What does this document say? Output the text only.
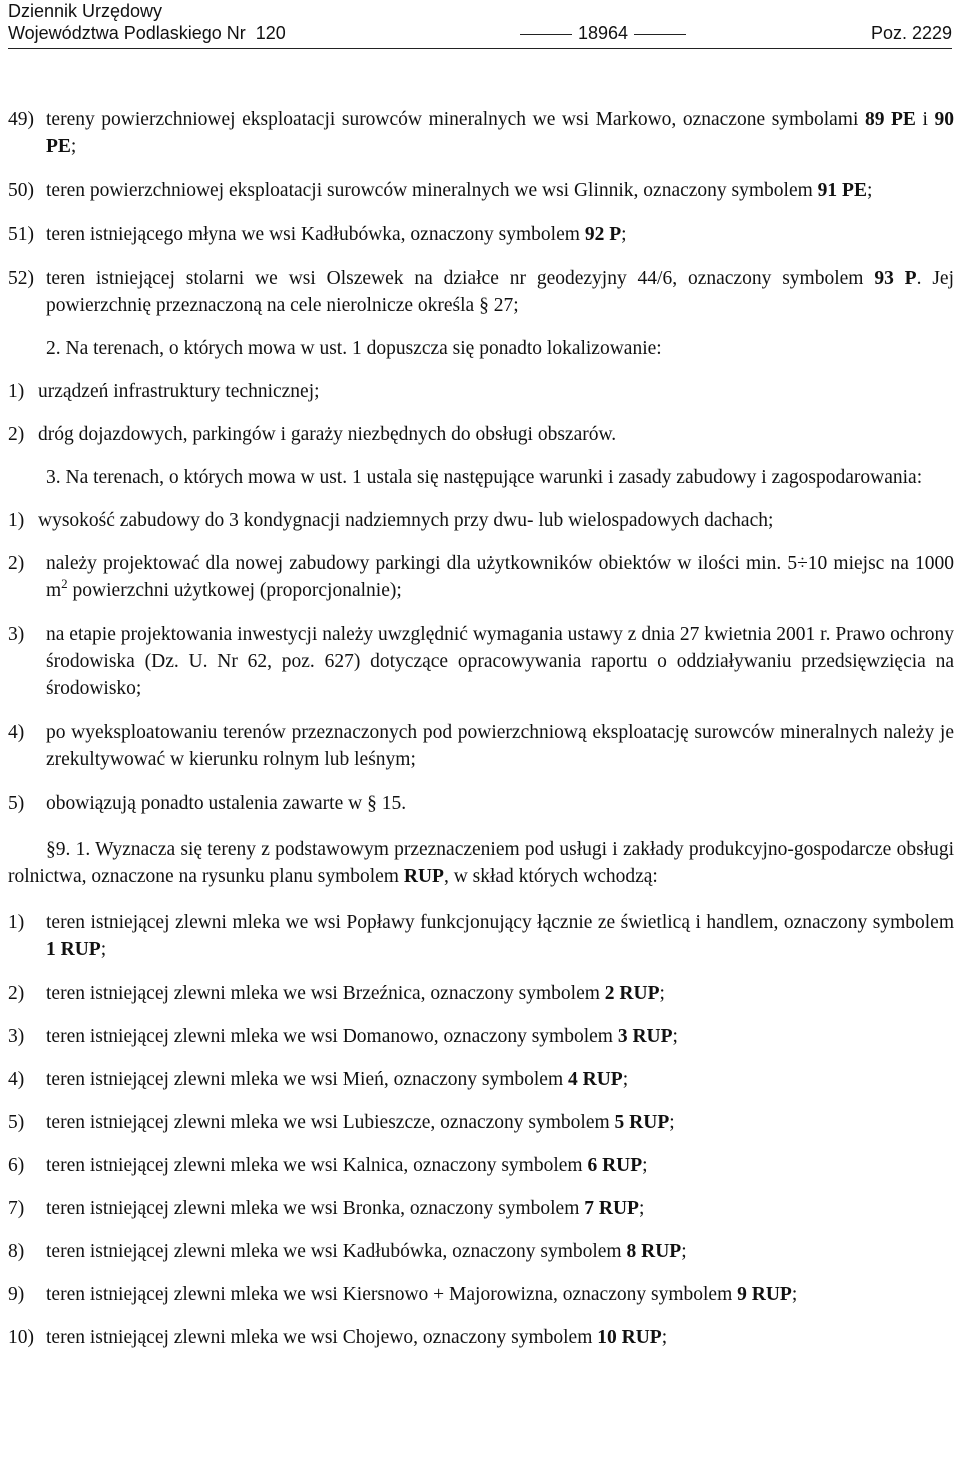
Dziennik Urzędowy
Województwa Podlaskiego Nr  120	18964	Poz. 2229
49) tereny powierzchniowej eksploatacji surowców mineralnych we wsi Markowo, oznaczone symbolami 89 PE i 90 PE;
50) teren powierzchniowej eksploatacji surowców mineralnych we wsi Glinnik, oznaczony symbolem 91 PE;
51) teren istniejącego młyna we wsi Kadłubówka, oznaczony symbolem 92 P;
52) teren istniejącej stolarni we wsi Olszewek na działce nr geodezyjny 44/6, oznaczony symbolem 93 P. Jej powierzchnię przeznaczoną na cele nierolnicze określa § 27;
2. Na terenach, o których mowa w ust. 1 dopuszcza się ponadto lokalizowanie:
1) urządzeń infrastruktury technicznej;
2) dróg dojazdowych, parkingów i garaży niezbędnych do obsługi obszarów.
3. Na terenach, o których mowa w ust. 1 ustala się następujące warunki i zasady zabudowy i zagospodarowania:
1) wysokość zabudowy do 3 kondygnacji nadziemnych przy dwu- lub wielospadowych dachach;
2) należy projektować dla nowej zabudowy parkingi dla użytkowników obiektów w ilości min. 5÷10 miejsc na 1000 $m^2$ powierzchni użytkowej (proporcjonalnie);
3) na etapie projektowania inwestycji należy uwzględnić wymagania ustawy z dnia 27 kwietnia 2001 r. Prawo ochrony środowiska (Dz. U. Nr 62, poz. 627) dotyczące opracowywania raportu o oddziaływaniu przedsięwzięcia na środowisko;
4) po wyeksploatowaniu terenów przeznaczonych pod powierzchniową eksploatację surowców mineralnych należy je zrekultywować w kierunku rolnym lub leśnym;
5) obowiązują ponadto ustalenia zawarte w § 15.
§9. 1. Wyznacza się tereny z podstawowym przeznaczeniem pod usługi i zakłady produkcyjno-gospodarcze obsługi rolnictwa, oznaczone na rysunku planu symbolem RUP, w skład których wchodzą:
1) teren istniejącej zlewni mleka we wsi Popławy funkcjonujący łącznie ze świetlicą i handlem, oznaczony symbolem 1 RUP;
2) teren istniejącej zlewni mleka we wsi Brzeźnica, oznaczony symbolem 2 RUP;
3) teren istniejącej zlewni mleka we wsi Domanowo, oznaczony symbolem 3 RUP;
4) teren istniejącej zlewni mleka we wsi Mień, oznaczony symbolem 4 RUP;
5) teren istniejącej zlewni mleka we wsi Lubieszcze, oznaczony symbolem 5 RUP;
6) teren istniejącej zlewni mleka we wsi Kalnica, oznaczony symbolem 6 RUP;
7) teren istniejącej zlewni mleka we wsi Bronka, oznaczony symbolem 7 RUP;
8) teren istniejącej zlewni mleka we wsi Kadłubówka, oznaczony symbolem 8 RUP;
9) teren istniejącej zlewni mleka we wsi Kiersnowo + Majorowizna, oznaczony symbolem 9 RUP;
10) teren istniejącej zlewni mleka we wsi Chojewo, oznaczony symbolem 10 RUP;
